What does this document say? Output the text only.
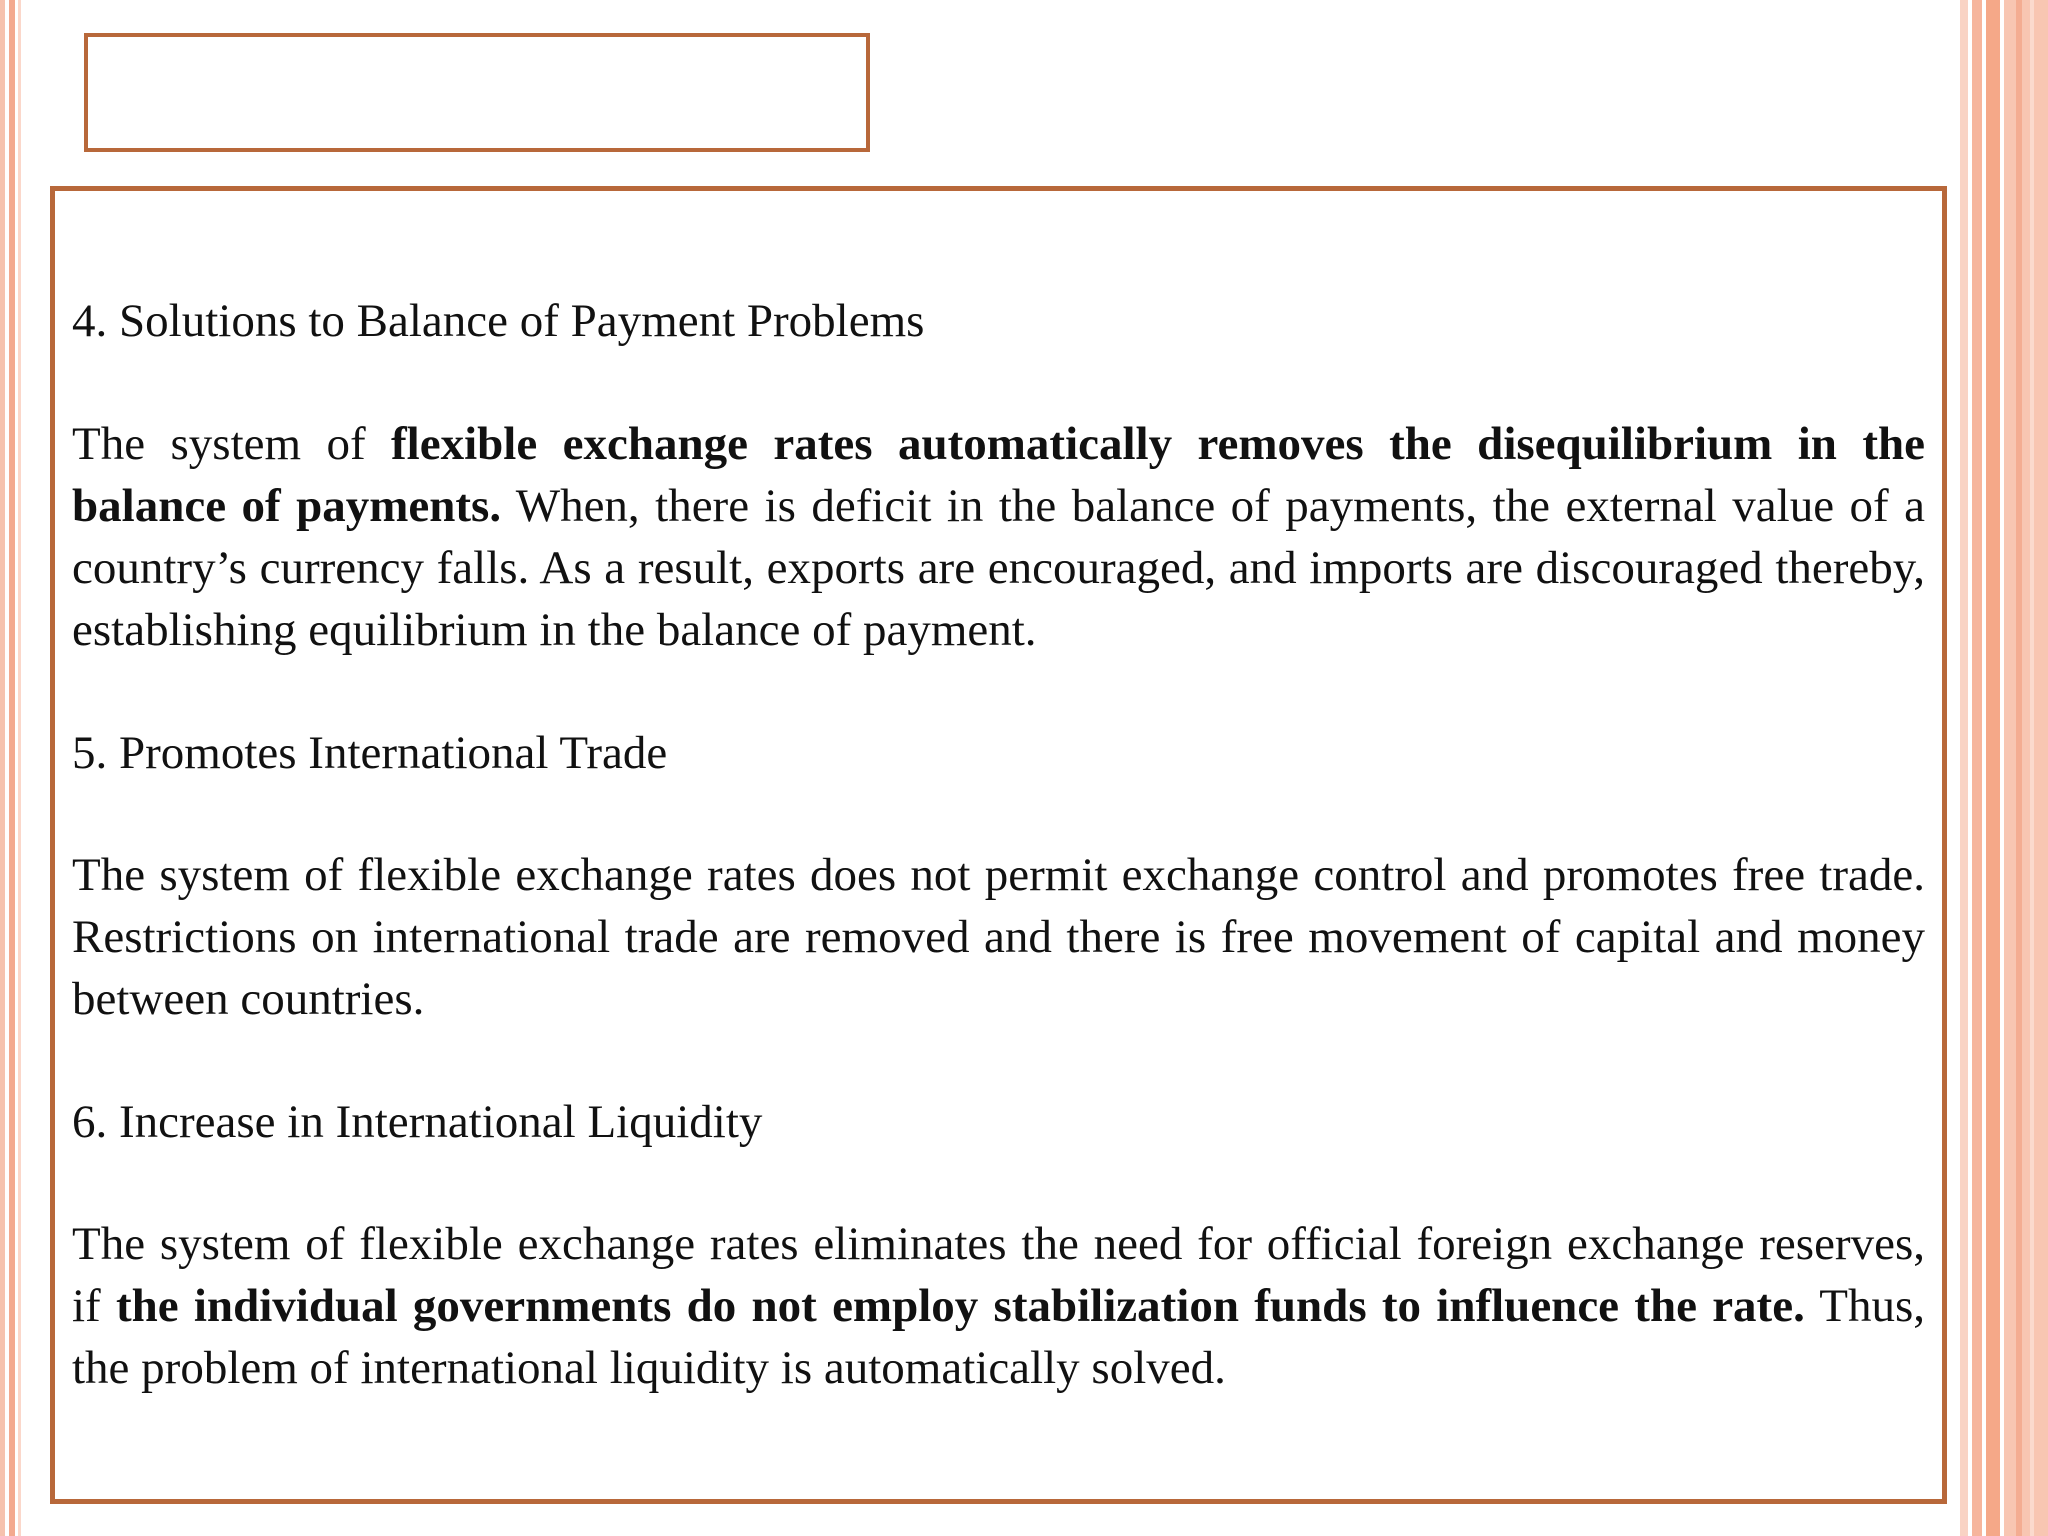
4. Solutions to Balance of Payment Problems

The system of flexible exchange rates automatically removes the disequilibrium in the balance of payments. When, there is deficit in the balance of payments, the external value of a country’s currency falls. As a result, exports are encouraged, and imports are discouraged thereby, establishing equilibrium in the balance of payment.

5. Promotes International Trade

The system of flexible exchange rates does not permit exchange control and promotes free trade. Restrictions on international trade are removed and there is free movement of capital and money between countries.

6. Increase in International Liquidity

The system of flexible exchange rates eliminates the need for official foreign exchange reserves, if the individual governments do not employ stabilization funds to influence the rate. Thus, the problem of international liquidity is automatically solved.
